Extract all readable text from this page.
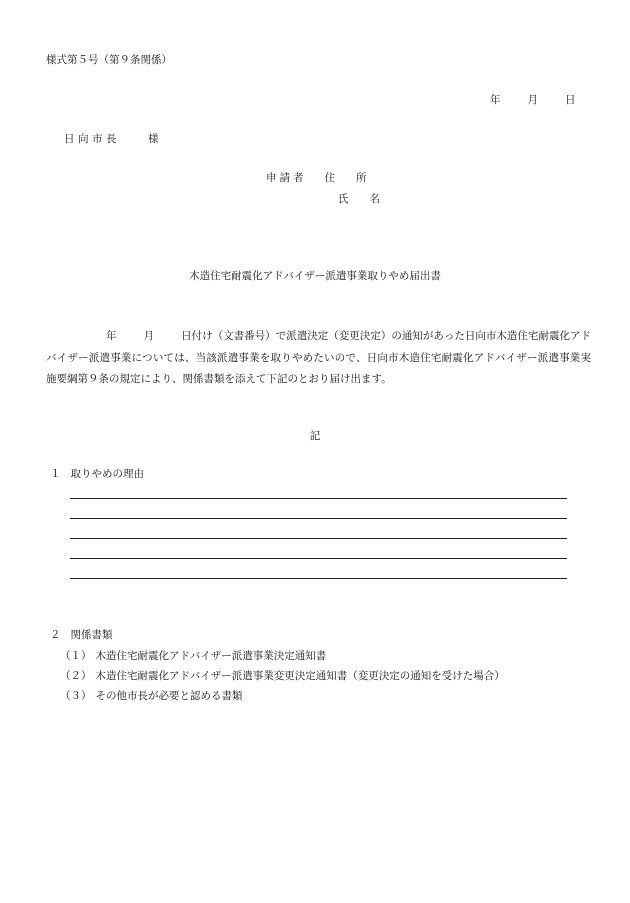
様式第５号（第９条関係）
年	月	日
日向市長　　様
申請者 住　　所
氏　　名
木造住宅耐震化アドバイザー派遣事業取りやめ届出書
年	月	日付け（文書番号）で派遣決定（変更決定）の通知があった日向市木造住宅耐震化アドバイザー派遣事業については、当該派遣事業を取りやめたいので、日向市木造住宅耐震化アドバイザー派遣事業実施要綱第９条の規定により、関係書類を添えて下記のとおり届け出ます。
記
１ 取りやめの理由
２ 関係書類
（１） 木造住宅耐震化アドバイザー派遣事業決定通知書
（２） 木造住宅耐震化アドバイザー派遣事業変更決定通知書（変更決定の通知を受けた場合）
（３） その他市長が必要と認める書類
